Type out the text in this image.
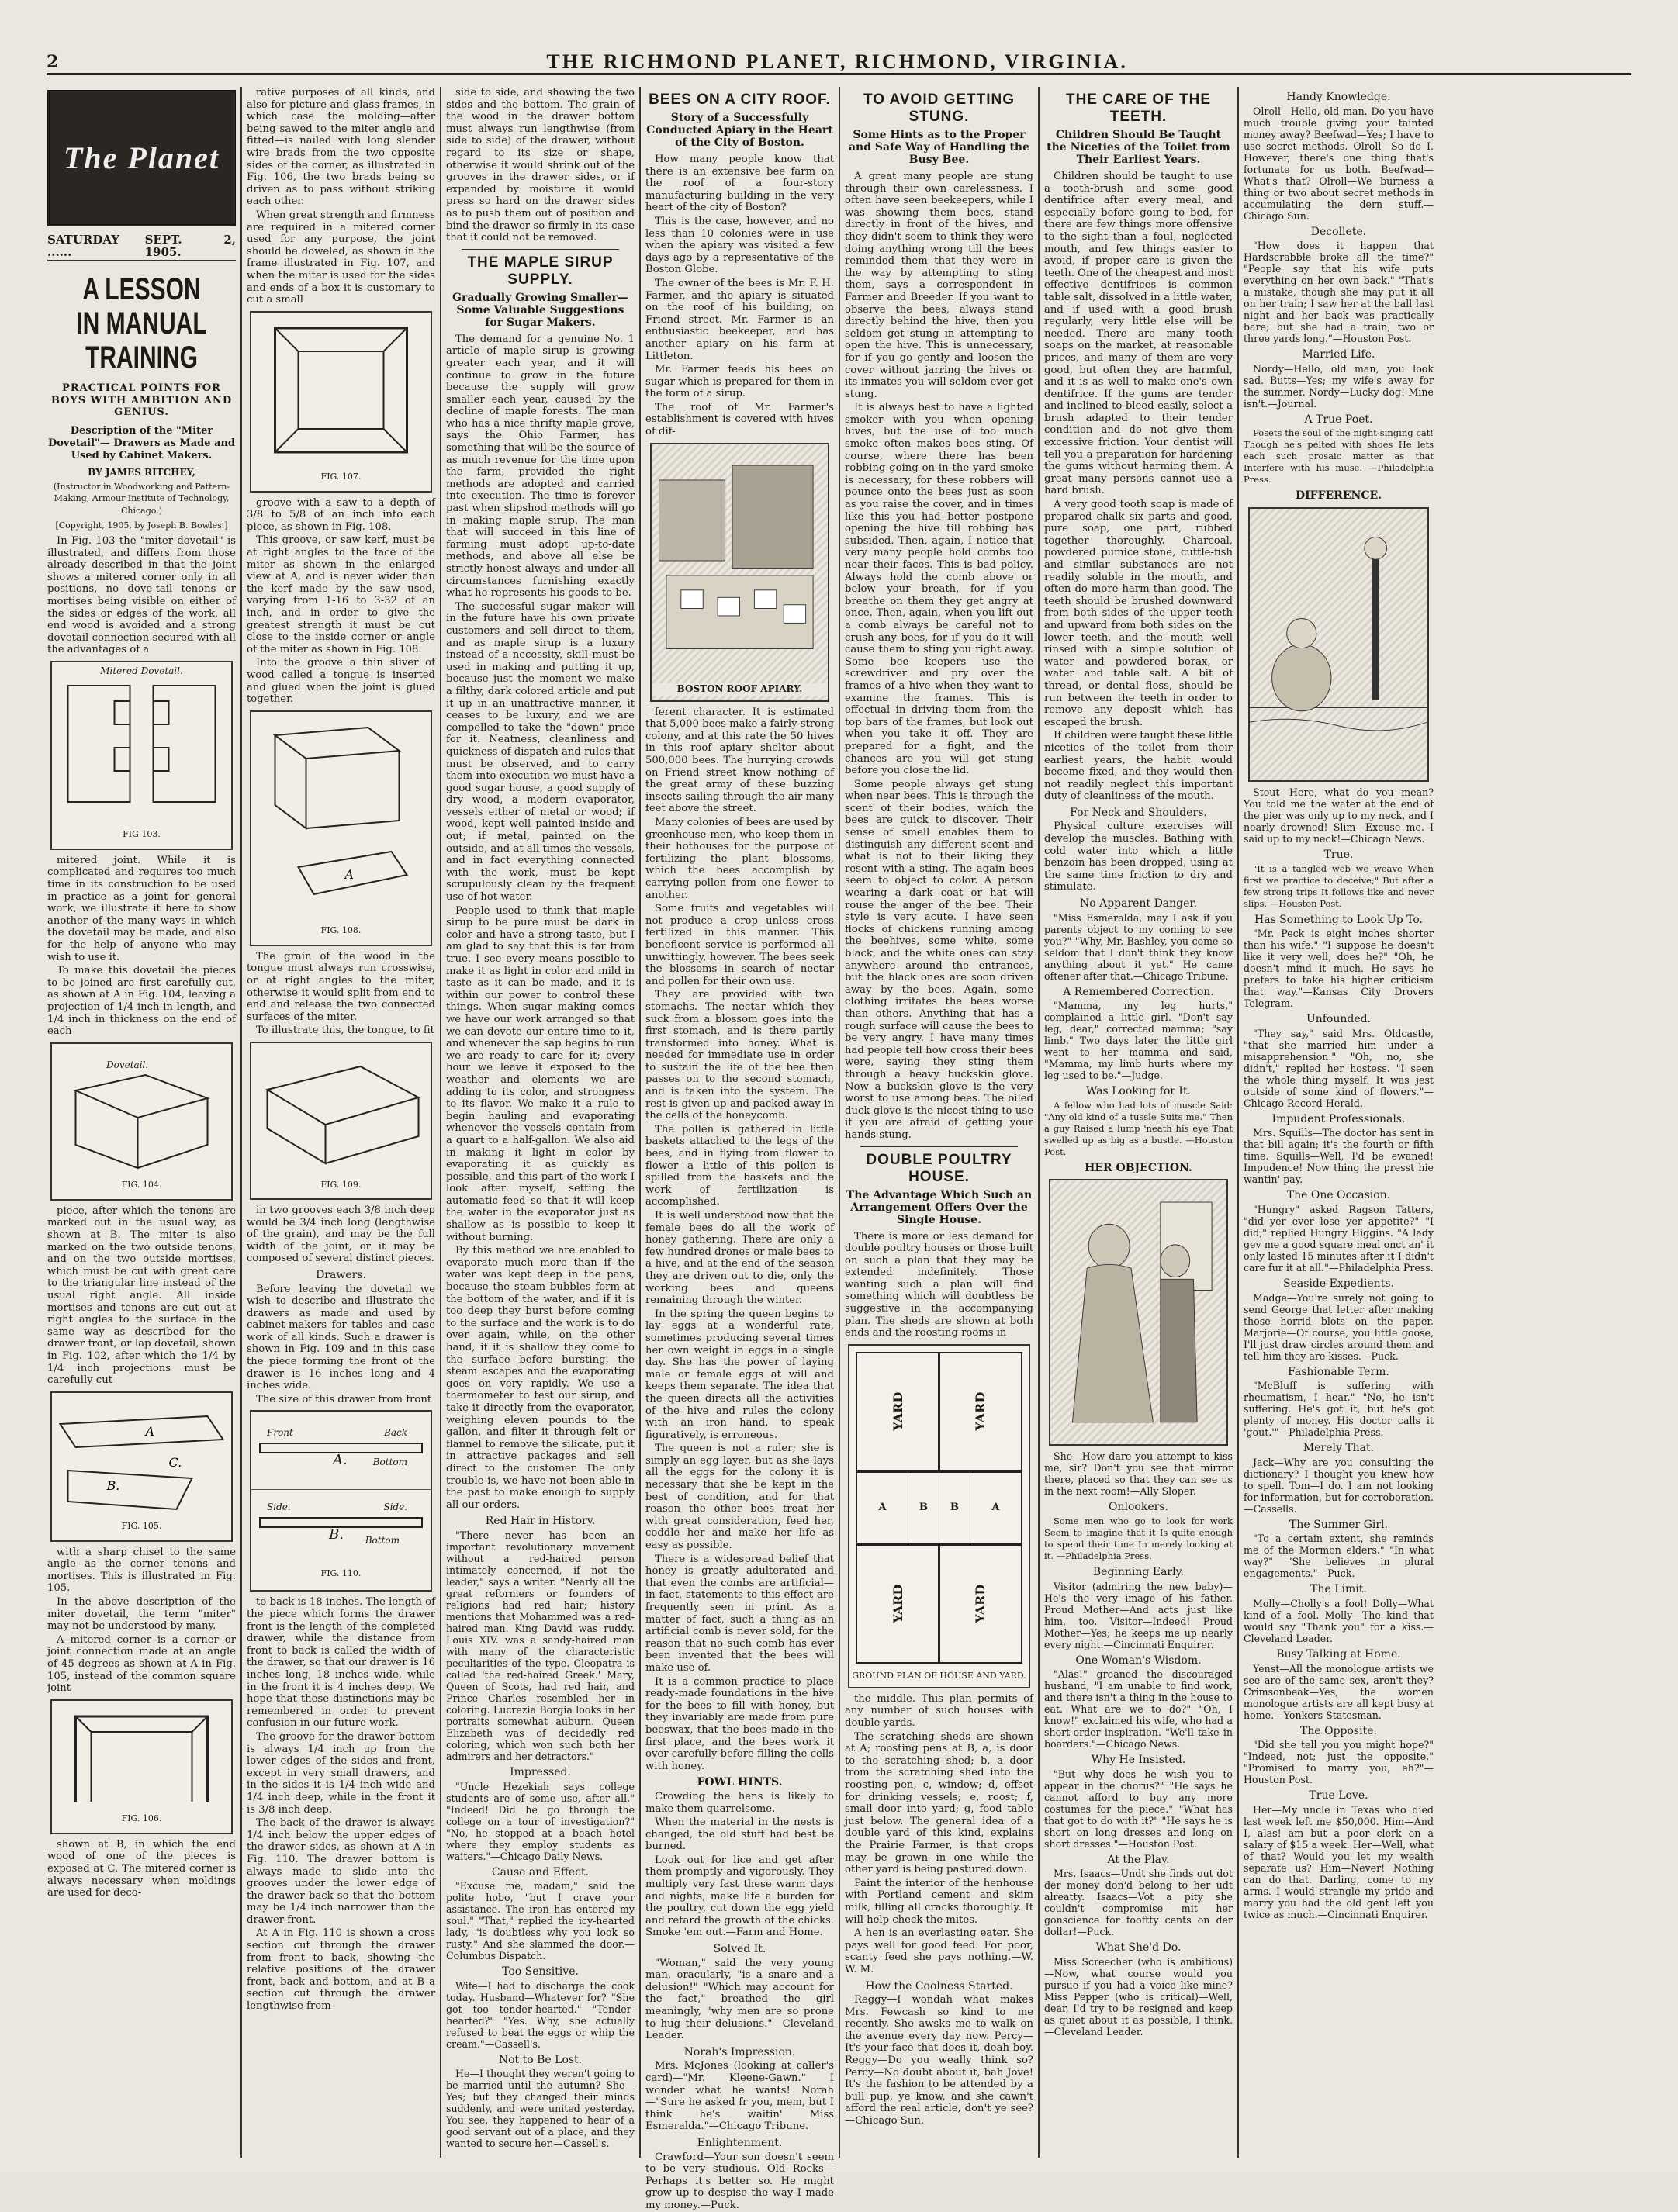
2	THE RICHMOND PLANET, RICHMOND, VIRGINIA.
The Planet
SATURDAY ......
SEPT. 2, 1905.
A LESSON IN MANUAL TRAINING
PRACTICAL POINTS FOR BOYS WITH AMBITION AND GENIUS.

Description of the "Miter Dovetail"— Drawers as Made and Used by Cabinet Makers.

BY JAMES RITCHEY,

(Instructor in Woodworking and Pattern-Making, Armour Institute of Technology, Chicago.)

[Copyright, 1905, by Joseph B. Bowles.]

In Fig. 103 the "miter dovetail" is illustrated, and differs from those already described in that the joint shows a mitered corner only in all positions, no dove-tail tenons or mortises being visible on either of the sides or edges of the work, all end wood is avoided and a strong dovetail connection secured with all the advantages of a

Mitered Dovetail.

FIG 103.

mitered joint. While it is complicated and requires too much time in its construction to be used in practice as a joint for general work, we illustrate it here to show another of the many ways in which the dovetail may be made, and also for the help of anyone who may wish to use it.

To make this dovetail the pieces to be joined are first carefully cut, as shown at A in Fig. 104, leaving a projection of 1/4 inch in length, and 1/4 inch in thickness on the end of each

Dovetail.

FIG. 104.

piece, after which the tenons are marked out in the usual way, as shown at B. The miter is also marked on the two outside tenons, and on the two outside mortises, which must be cut with great care to the triangular line instead of the usual right angle. All inside mortises and tenons are cut out at right angles to the surface in the same way as described for the drawer front, or lap dovetail, shown in Fig. 102, after which the 1/4 by 1/4 inch projections must be carefully cut

A
B.
C.

FIG. 105.

with a sharp chisel to the same angle as the corner tenons and mortises. This is illustrated in Fig. 105.

In the above description of the miter dovetail, the term "miter" may not be understood by many.

A mitered corner is a corner or joint connection made at an angle of 45 degrees as shown at A in Fig. 105, instead of the common square joint

FIG. 106.

shown at B, in which the end wood of one of the pieces is exposed at C. The mitered corner is always necessary when moldings are used for deco-

rative purposes of all kinds, and also for picture and glass frames, in which case the molding—after being sawed to the miter angle and fitted—is nailed with long slender wire brads from the two opposite sides of the corner, as illustrated in Fig. 106, the two brads being so driven as to pass without striking each other.

When great strength and firmness are required in a mitered corner used for any purpose, the joint should be doweled, as shown in the frame illustrated in Fig. 107, and when the miter is used for the sides and ends of a box it is customary to cut a small

FIG. 107.

groove with a saw to a depth of 3/8 to 5/8 of an inch into each piece, as shown in Fig. 108.

This groove, or saw kerf, must be at right angles to the face of the miter as shown in the enlarged view at A, and is never wider than the kerf made by the saw used, varying from 1-16 to 3-32 of an inch, and in order to give the greatest strength it must be cut close to the inside corner or angle of the miter as shown in Fig. 108.

Into the groove a thin sliver of wood called a tongue is inserted and glued when the joint is glued together.

A

FIG. 108.

The grain of the wood in the tongue must always run crosswise, or at right angles to the miter, otherwise it would split from end to end and release the two connected surfaces of the miter.

To illustrate this, the tongue, to fit

FIG. 109.

in two grooves each 3/8 inch deep would be 3/4 inch long (lengthwise of the grain), and may be the full width of the joint, or it may be composed of several distinct pieces.

Drawers.

Before leaving the dovetail we wish to describe and illustrate the drawers as made and used by cabinet-makers for tables and case work of all kinds. Such a drawer is shown in Fig. 109 and in this case the piece forming the front of the drawer is 16 inches long and 4 inches wide.

The size of this drawer from front

Front
A.
Back
Bottom
Side.
B.
Side.
Bottom

FIG. 110.

to back is 18 inches. The length of the piece which forms the drawer front is the length of the completed drawer, while the distance from front to back is called the width of the drawer, so that our drawer is 16 inches long, 18 inches wide, while in the front it is 4 inches deep. We hope that these distinctions may be remembered in order to prevent confusion in our future work.

The groove for the drawer bottom is always 1/4 inch up from the lower edges of the sides and front, except in very small drawers, and in the sides it is 1/4 inch wide and 1/4 inch deep, while in the front it is 3/8 inch deep.

The back of the drawer is always 1/4 inch below the upper edges of the drawer sides, as shown at A in Fig. 110. The drawer bottom is always made to slide into the grooves under the lower edge of the drawer back so that the bottom may be 1/4 inch narrower than the drawer front.

At A in Fig. 110 is shown a cross section cut through the drawer from front to back, showing the relative positions of the drawer front, back and bottom, and at B a section cut through the drawer lengthwise from

side to side, and showing the two sides and the bottom. The grain of the wood in the drawer bottom must always run lengthwise (from side to side) of the drawer, without regard to its size or shape, otherwise it would shrink out of the grooves in the drawer sides, or if expanded by moisture it would press so hard on the drawer sides as to push them out of position and bind the drawer so firmly in its case that it could not be removed.

THE MAPLE SIRUP SUPPLY.

Gradually Growing Smaller—Some Valuable Suggestions for Sugar Makers.

The demand for a genuine No. 1 article of maple sirup is growing greater each year, and it will continue to grow in the future because the supply will grow smaller each year, caused by the decline of maple forests. The man who has a nice thrifty maple grove, says the Ohio Farmer, has something that will be the source of as much revenue for the time upon the farm, provided the right methods are adopted and carried into execution. The time is forever past when slipshod methods will go in making maple sirup. The man that will succeed in this line of farming must adopt up-to-date methods, and above all else be strictly honest always and under all circumstances furnishing exactly what he represents his goods to be.

The successful sugar maker will in the future have his own private customers and sell direct to them, and as maple sirup is a luxury instead of a necessity, skill must be used in making and putting it up, because just the moment we make a filthy, dark colored article and put it up in an unattractive manner, it ceases to be luxury, and we are compelled to take the "down" price for it. Neatness, cleanliness and quickness of dispatch and rules that must be observed, and to carry them into execution we must have a good sugar house, a good supply of dry wood, a modern evaporator, vessels either of metal or wood; if wood, kept well painted inside and out; if metal, painted on the outside, and at all times the vessels, and in fact everything connected with the work, must be kept scrupulously clean by the frequent use of hot water.

People used to think that maple sirup to be pure must be dark in color and have a strong taste, but I am glad to say that this is far from true. I see every means possible to make it as light in color and mild in taste as it can be made, and it is within our power to control these things. When sugar making comes we have our work arranged so that we can devote our entire time to it, and whenever the sap begins to run we are ready to care for it; every hour we leave it exposed to the weather and elements we are adding to its color, and strongness to its flavor. We make it a rule to begin hauling and evaporating whenever the vessels contain from a quart to a half-gallon. We also aid in making it light in color by evaporating it as quickly as possible, and this part of the work I look after myself, setting the automatic feed so that it will keep the water in the evaporator just as shallow as is possible to keep it without burning.

By this method we are enabled to evaporate much more than if the water was kept deep in the pans, because the steam bubbles form at the bottom of the water, and if it is too deep they burst before coming to the surface and the work is to do over again, while, on the other hand, if it is shallow they come to the surface before bursting, the steam escapes and the evaporating goes on very rapidly. We use a thermometer to test our sirup, and take it directly from the evaporator, weighing eleven pounds to the gallon, and filter it through felt or flannel to remove the silicate, put it in attractive packages and sell direct to the customer. The only trouble is, we have not been able in the past to make enough to supply all our orders.

Red Hair in History.

"There never has been an important revolutionary movement without a red-haired person intimately concerned, if not the leader," says a writer. "Nearly all the great reformers or founders of religions had red hair; history mentions that Mohammed was a red-haired man. King David was ruddy. Louis XIV. was a sandy-haired man with many of the characteristic peculiarities of the type. Cleopatra is called 'the red-haired Greek.' Mary, Queen of Scots, had red hair, and Prince Charles resembled her in coloring. Lucrezia Borgia looks in her portraits somewhat auburn. Queen Elizabeth was of decidedly red coloring, which won such both her admirers and her detractors."

Impressed.

"Uncle Hezekiah says college students are of some use, after all." "Indeed! Did he go through the college on a tour of investigation?" "No, he stopped at a beach hotel where they employ students as waiters."—Chicago Daily News.

Cause and Effect.

"Excuse me, madam," said the polite hobo, "but I crave your assistance. The iron has entered my soul." "That," replied the icy-hearted lady, "is doubtless why you look so rusty." And she slammed the door.—Columbus Dispatch.

Too Sensitive.

Wife—I had to discharge the cook today. Husband—Whatever for? "She got too tender-hearted." "Tender-hearted?" "Yes. Why, she actually refused to beat the eggs or whip the cream."—Cassell's.

Not to Be Lost.

He—I thought they weren't going to be married until the autumn? She—Yes; but they changed their minds suddenly, and were united yesterday. You see, they happened to hear of a good servant out of a place, and they wanted to secure her.—Cassell's.

BEES ON A CITY ROOF.

Story of a Successfully Conducted Apiary in the Heart of the City of Boston.

How many people know that there is an extensive bee farm on the roof of a four-story manufacturing building in the very heart of the city of Boston?

This is the case, however, and no less than 10 colonies were in use when the apiary was visited a few days ago by a representative of the Boston Globe.

The owner of the bees is Mr. F. H. Farmer, and the apiary is situated on the roof of his building, on Friend street. Mr. Farmer is an enthusiastic beekeeper, and has another apiary on his farm at Littleton.

Mr. Farmer feeds his bees on sugar which is prepared for them in the form of a sirup.

The roof of Mr. Farmer's establishment is covered with hives of dif-

BOSTON ROOF APIARY.

ferent character. It is estimated that 5,000 bees make a fairly strong colony, and at this rate the 50 hives in this roof apiary shelter about 500,000 bees. The hurrying crowds on Friend street know nothing of the great army of these buzzing insects sailing through the air many feet above the street.

Many colonies of bees are used by greenhouse men, who keep them in their hothouses for the purpose of fertilizing the plant blossoms, which the bees accomplish by carrying pollen from one flower to another.

Some fruits and vegetables will not produce a crop unless cross fertilized in this manner. This beneficent service is performed all unwittingly, however. The bees seek the blossoms in search of nectar and pollen for their own use.

They are provided with two stomachs. The nectar which they suck from a blossom goes into the first stomach, and is there partly transformed into honey. What is needed for immediate use in order to sustain the life of the bee then passes on to the second stomach, and is taken into the system. The rest is given up and packed away in the cells of the honeycomb.

The pollen is gathered in little baskets attached to the legs of the bees, and in flying from flower to flower a little of this pollen is spilled from the baskets and the work of fertilization is accomplished.

It is well understood now that the female bees do all the work of honey gathering. There are only a few hundred drones or male bees to a hive, and at the end of the season they are driven out to die, only the working bees and queens remaining through the winter.

In the spring the queen begins to lay eggs at a wonderful rate, sometimes producing several times her own weight in eggs in a single day. She has the power of laying male or female eggs at will and keeps them separate. The idea that the queen directs all the activities of the hive and rules the colony with an iron hand, to speak figuratively, is erroneous.

The queen is not a ruler; she is simply an egg layer, but as she lays all the eggs for the colony it is necessary that she be kept in the best of condition, and for that reason the other bees treat her with great consideration, feed her, coddle her and make her life as easy as possible.

There is a widespread belief that honey is greatly adulterated and that even the combs are artificial—in fact, statements to this effect are frequently seen in print. As a matter of fact, such a thing as an artificial comb is never sold, for the reason that no such comb has ever been invented that the bees will make use of.

It is a common practice to place ready-made foundations in the hive for the bees to fill with honey, but they invariably are made from pure beeswax, that the bees made in the first place, and the bees work it over carefully before filling the cells with honey.

FOWL HINTS.

Crowding the hens is likely to make them quarrelsome.

When the material in the nests is changed, the old stuff had best be burned.

Look out for lice and get after them promptly and vigorously. They multiply very fast these warm days and nights, make life a burden for the poultry, cut down the egg yield and retard the growth of the chicks. Smoke 'em out.—Farm and Home.

Solved It.

"Woman," said the very young man, oracularly, "is a snare and a delusion!" "Which may account for the fact," breathed the girl meaningly, "why men are so prone to hug their delusions."—Cleveland Leader.

Norah's Impression.

Mrs. McJones (looking at caller's card)—"Mr. Kleene-Gawn." I wonder what he wants! Norah—"Sure he asked fr you, mem, but I think he's waitin' Miss Esmeralda."—Chicago Tribune.

Enlightenment.

Crawford—Your son doesn't seem to be very studious. Old Rocks—Perhaps it's better so. He might grow up to despise the way I made my money.—Puck.

TO AVOID GETTING STUNG.

Some Hints as to the Proper and Safe Way of Handling the Busy Bee.

A great many people are stung through their own carelessness. I often have seen beekeepers, while I was showing them bees, stand directly in front of the hives, and they didn't seem to think they were doing anything wrong till the bees reminded them that they were in the way by attempting to sting them, says a correspondent in Farmer and Breeder. If you want to observe the bees, always stand directly behind the hive, then you seldom get stung in attempting to open the hive. This is unnecessary, for if you go gently and loosen the cover without jarring the hives or its inmates you will seldom ever get stung.

It is always best to have a lighted smoker with you when opening hives, but the use of too much smoke often makes bees sting. Of course, where there has been robbing going on in the yard smoke is necessary, for these robbers will pounce onto the bees just as soon as you raise the cover, and in times like this you had better postpone opening the hive till robbing has subsided. Then, again, I notice that very many people hold combs too near their faces. This is bad policy. Always hold the comb above or below your breath, for if you breathe on them they get angry at once. Then, again, when you lift out a comb always be careful not to crush any bees, for if you do it will cause them to sting you right away. Some bee keepers use the screwdriver and pry over the frames of a hive when they want to examine the frames. This is effectual in driving them from the top bars of the frames, but look out when you take it off. They are prepared for a fight, and the chances are you will get stung before you close the lid.

Some people always get stung when near bees. This is through the scent of their bodies, which the bees are quick to discover. Their sense of smell enables them to distinguish any different scent and what is not to their liking they resent with a sting. The again bees seem to object to color. A person wearing a dark coat or hat will rouse the anger of the bee. Their style is very acute. I have seen flocks of chickens running among the beehives, some white, some black, and the white ones can stay anywhere around the entrances, but the black ones are soon driven away by the bees. Again, some clothing irritates the bees worse than others. Anything that has a rough surface will cause the bees to be very angry. I have many times had people tell how cross their bees were, saying they sting them through a heavy buckskin glove. Now a buckskin glove is the very worst to use among bees. The oiled duck glove is the nicest thing to use if you are afraid of getting your hands stung.

DOUBLE POULTRY HOUSE.

The Advantage Which Such an Arrangement Offers Over the Single House.

There is more or less demand for double poultry houses or those built on such a plan that they may be extended indefinitely. Those wanting such a plan will find something which will doubtless be suggestive in the accompanying plan. The sheds are shown at both ends and the roosting rooms in

YARD	YARD
A	B	B	A
YARD	YARD
GROUND PLAN OF HOUSE AND YARD.

the middle. This plan permits of any number of such houses with double yards.

The scratching sheds are shown at A; roosting pens at B, a, is door to the scratching shed; b, a door from the scratching shed into the roosting pen, c, window; d, offset for drinking vessels; e, roost; f, small door into yard; g, food table just below. The general idea of a double yard of this kind, explains the Prairie Farmer, is that crops may be grown in one while the other yard is being pastured down.

Paint the interior of the henhouse with Portland cement and skim milk, filling all cracks thoroughly. It will help check the mites.

A hen is an everlasting eater. She pays well for good feed. For poor, scanty feed she pays nothing.—W. W. M.

How the Coolness Started.

Reggy—I wondah what makes Mrs. Fewcash so kind to me recently. She awsks me to walk on the avenue every day now. Percy—It's your face that does it, deah boy. Reggy—Do you weally think so? Percy—No doubt about it, bah Jove! It's the fashion to be attended by a bull pup, ye know, and she cawn't afford the real article, don't ye see?—Chicago Sun.

THE CARE OF THE TEETH.

Children Should Be Taught the Niceties of the Toilet from Their Earliest Years.

Children should be taught to use a tooth-brush and some good dentifrice after every meal, and especially before going to bed, for there are few things more offensive to the sight than a foul, neglected mouth, and few things easier to avoid, if proper care is given the teeth. One of the cheapest and most effective dentifrices is common table salt, dissolved in a little water, and if used with a good brush regularly, very little else will be needed. There are many tooth soaps on the market, at reasonable prices, and many of them are very good, but often they are harmful, and it is as well to make one's own dentifrice. If the gums are tender and inclined to bleed easily, select a brush adapted to their tender condition and do not give them excessive friction. Your dentist will tell you a preparation for hardening the gums without harming them. A great many persons cannot use a hard brush.

A very good tooth soap is made of prepared chalk six parts and good, pure soap, one part, rubbed together thoroughly. Charcoal, powdered pumice stone, cuttle-fish and similar substances are not readily soluble in the mouth, and often do more harm than good. The teeth should be brushed downward from both sides of the upper teeth and upward from both sides on the lower teeth, and the mouth well rinsed with a simple solution of water and powdered borax, or water and table salt. A bit of thread, or dental floss, should be run between the teeth in order to remove any deposit which has escaped the brush.

If children were taught these little niceties of the toilet from their earliest years, the habit would become fixed, and they would then not readily neglect this important duty of cleanliness of the mouth.

For Neck and Shoulders.

Physical culture exercises will develop the muscles. Bathing with cold water into which a little benzoin has been dropped, using at the same time friction to dry and stimulate.

No Apparent Danger.

"Miss Esmeralda, may I ask if you parents object to my coming to see you?" "Why, Mr. Bashley, you come so seldom that I don't think they know anything about it yet." He came oftener after that.—Chicago Tribune.

A Remembered Correction.

"Mamma, my leg hurts," complained a little girl. "Don't say leg, dear," corrected mamma; "say limb." Two days later the little girl went to her mamma and said, "Mamma, my limb hurts where my leg used to be."—Judge.

Was Looking for It.

A fellow who had lots of muscle Said: "Any old kind of a tussle Suits me." Then a guy Raised a lump 'neath his eye That swelled up as big as a bustle. —Houston Post.

HER OBJECTION.

She—How dare you attempt to kiss me, sir? Don't you see that mirror there, placed so that they can see us in the next room!—Ally Sloper.

Onlookers.

Some men who go to look for work Seem to imagine that it Is quite enough to spend their time In merely looking at it. —Philadelphia Press.

Beginning Early.

Visitor (admiring the new baby)—He's the very image of his father. Proud Mother—And acts just like him, too. Visitor—Indeed! Proud Mother—Yes; he keeps me up nearly every night.—Cincinnati Enquirer.

One Woman's Wisdom.

"Alas!" groaned the discouraged husband, "I am unable to find work, and there isn't a thing in the house to eat. What are we to do?" "Oh, I know!" exclaimed his wife, who had a short-order inspiration. "We'll take in boarders."—Chicago News.

Why He Insisted.

"But why does he wish you to appear in the chorus?" "He says he cannot afford to buy any more costumes for the piece." "What has that got to do with it?" "He says he is short on long dresses and long on short dresses."—Houston Post.

At the Play.

Mrs. Isaacs—Undt she finds out dot der money don'd belong to her udt alreatty. Isaacs—Vot a pity she couldn't compromise mit her gonscience for fooftty cents on der dollar!—Puck.

What She'd Do.

Miss Screecher (who is ambitious)—Now, what course would you pursue if you had a voice like mine? Miss Pepper (who is critical)—Well, dear, I'd try to be resigned and keep as quiet about it as possible, I think.—Cleveland Leader.

Handy Knowledge.

Olroll—Hello, old man. Do you have much trouble giving your tainted money away? Beefwad—Yes; I have to use secret methods. Olroll—So do I. However, there's one thing that's fortunate for us both. Beefwad—What's that? Olroll—We burness a thing or two about secret methods in accumulating the dern stuff.—Chicago Sun.

Decollete.

"How does it happen that Hardscrabble broke all the time?" "People say that his wife puts everything on her own back." "That's a mistake, though she may put it all on her train; I saw her at the ball last night and her back was practically bare; but she had a train, two or three yards long."—Houston Post.

Married Life.

Nordy—Hello, old man, you look sad. Butts—Yes; my wife's away for the summer. Nordy—Lucky dog! Mine isn't.—Journal.

A True Poet.

Posets the soul of the night-singing cat! Though he's pelted with shoes He lets each such prosaic matter as that Interfere with his muse. —Philadelphia Press.

DIFFERENCE.

Stout—Here, what do you mean? You told me the water at the end of the pier was only up to my neck, and I nearly drowned! Slim—Excuse me. I said up to my neck!—Chicago News.

True.

"It is a tangled web we weave When first we practice to deceive;" But after a few strong trips It follows like and never slips. —Houston Post.

Has Something to Look Up To.

"Mr. Peck is eight inches shorter than his wife." "I suppose he doesn't like it very well, does he?" "Oh, he doesn't mind it much. He says he prefers to take his higher criticism that way."—Kansas City Drovers Telegram.

Unfounded.

"They say," said Mrs. Oldcastle, "that she married him under a misapprehension." "Oh, no, she didn't," replied her hostess. "I seen the whole thing myself. It was jest outside of some kind of flowers."—Chicago Record-Herald.

Impudent Professionals.

Mrs. Squills—The doctor has sent in that bill again; it's the fourth or fifth time. Squills—Well, I'd be ewaned! Impudence! Now thing the presst hie wantin' pay.

The One Occasion.

"Hungry" asked Ragson Tatters, "did yer ever lose yer appetite?" "I did," replied Hungry Higgins. "A lady gev me a good square meal onct an' it only lasted 15 minutes after it I didn't care fur it at all."—Philadelphia Press.

Seaside Expedients.

Madge—You're surely not going to send George that letter after making those horrid blots on the paper. Marjorie—Of course, you little goose, I'll just draw circles around them and tell him they are kisses.—Puck.

Fashionable Term.

"McBluff is suffering with rheumatism, I hear." "No, he isn't suffering. He's got it, but he's got plenty of money. His doctor calls it 'gout.'"—Philadelphia Press.

Merely That.

Jack—Why are you consulting the dictionary? I thought you knew how to spell. Tom—I do. I am not looking for information, but for corroboration.—Cassells.

The Summer Girl.

"To a certain extent, she reminds me of the Mormon elders." "In what way?" "She believes in plural engagements."—Puck.

The Limit.

Molly—Cholly's a fool! Dolly—What kind of a fool. Molly—The kind that would say "Thank you" for a kiss.—Cleveland Leader.

Busy Talking at Home.

Yenst—All the monologue artists we see are of the same sex, aren't they? Crimsonbeak—Yes, the women monologue artists are all kept busy at home.—Yonkers Statesman.

The Opposite.

"Did she tell you you might hope?" "Indeed, not; just the opposite." "Promised to marry you, eh?"—Houston Post.

True Love.

Her—My uncle in Texas who died last week left me $50,000. Him—And I, alas! am but a poor clerk on a salary of $15 a week. Her—Well, what of that? Would you let my wealth separate us? Him—Never! Nothing can do that. Darling, come to my arms. I would strangle my pride and marry you had the old gent left you twice as much.—Cincinnati Enquirer.
